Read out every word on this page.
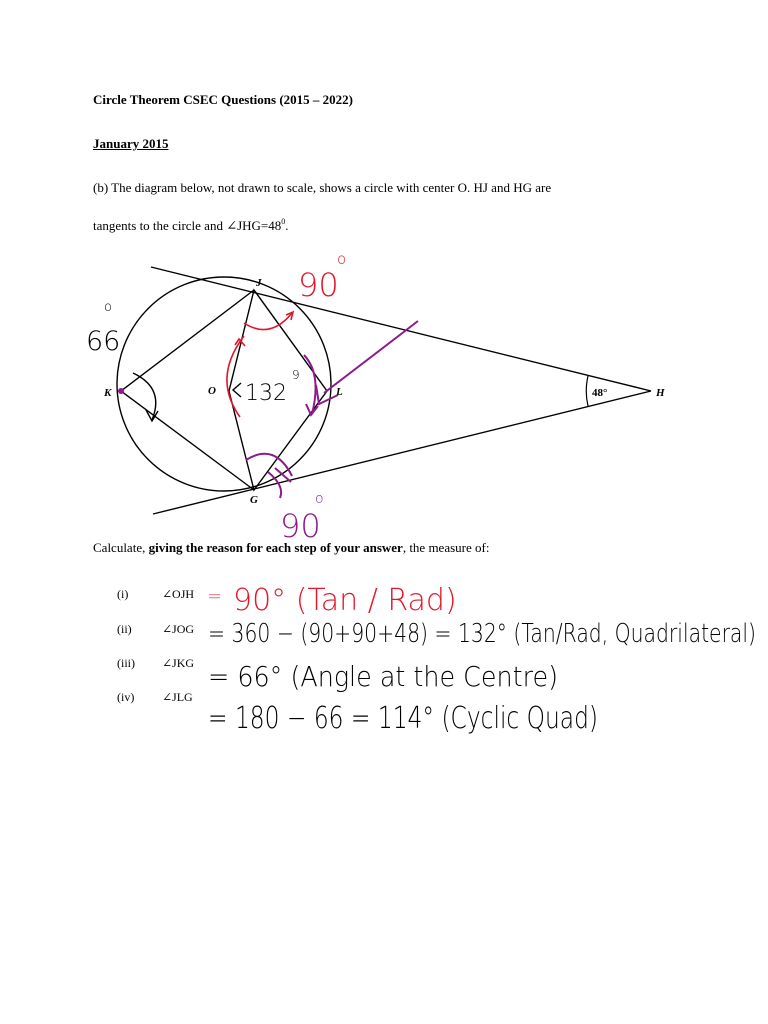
Circle Theorem CSEC Questions (2015 – 2022)
January 2015
(b) The diagram below, not drawn to scale, shows a circle with center O. HJ and HG are
tangents to the circle and $\angle JHG=48^0$.
Calculate, giving the reason for each step of your answer, the measure of:
(i)	∠OJH
(ii)	∠JOG
(iii) ∠JKG
(iv) ∠JLG
J
K	O	L
G
H
48°
90
o
132
9
66
o
90
o
= 90° (Tan / Rad)
= 360 − (90+90+48) = 132° (Tan/Rad, Quadrilateral)
= 66° (Angle at the Centre)
= 180 − 66 = 114° (Cyclic Quad)
